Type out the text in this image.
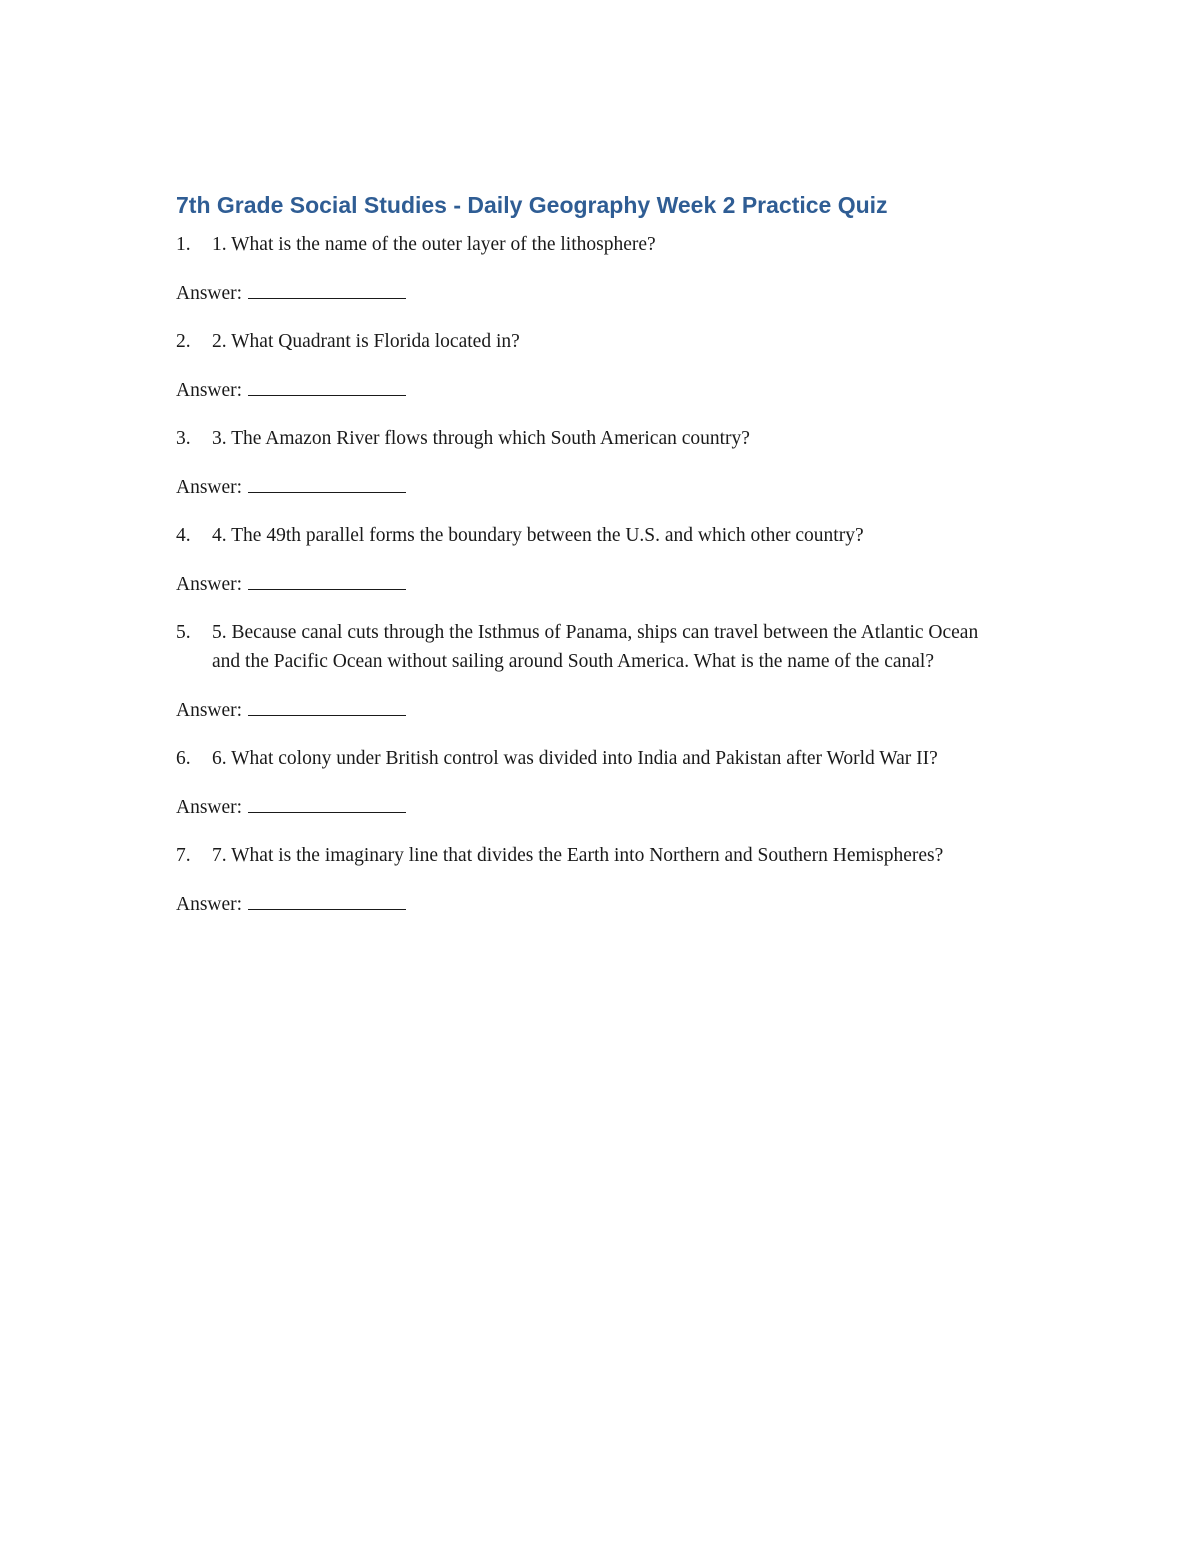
7th Grade Social Studies - Daily Geography Week 2 Practice Quiz
1.	1. What is the name of the outer layer of the lithosphere?
Answer:
2.	2. What Quadrant is Florida located in?
Answer:
3.	3. The Amazon River flows through which South American country?
Answer:
4.	4. The 49th parallel forms the boundary between the U.S. and which other country?
Answer:
5.	5. Because canal cuts through the Isthmus of Panama, ships can travel between the Atlantic Ocean and the Pacific Ocean without sailing around South America. What is the name of the canal?
Answer:
6.	6. What colony under British control was divided into India and Pakistan after World War II?
Answer:
7.	7. What is the imaginary line that divides the Earth into Northern and Southern Hemispheres?
Answer:
